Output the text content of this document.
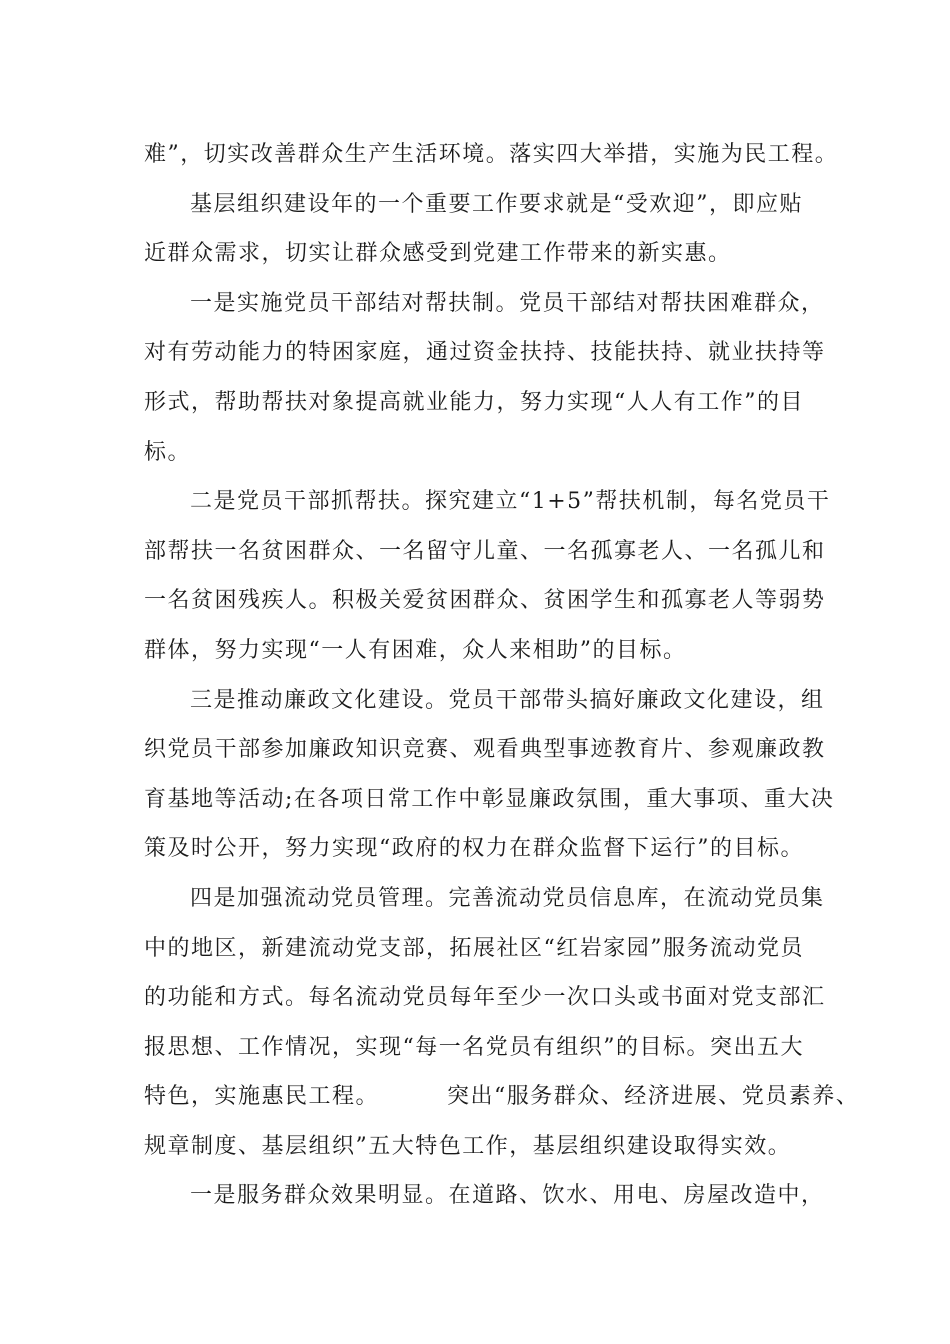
难”，切实改善群众生产生活环境。落实四大举措，实施为民工程。
基层组织建设年的一个重要工作要求就是“受欢迎”，即应贴
近群众需求，切实让群众感受到党建工作带来的新实惠。
一是实施党员干部结对帮扶制。党员干部结对帮扶困难群众，
对有劳动能力的特困家庭，通过资金扶持、技能扶持、就业扶持等
形式，帮助帮扶对象提高就业能力，努力实现“人人有工作”的目
标。
二是党员干部抓帮扶。探究建立“1+5”帮扶机制，每名党员干
部帮扶一名贫困群众、一名留守儿童、一名孤寡老人、一名孤儿和
一名贫困残疾人。积极关爱贫困群众、贫困学生和孤寡老人等弱势
群体，努力实现“一人有困难，众人来相助”的目标。
三是推动廉政文化建设。党员干部带头搞好廉政文化建设，组
织党员干部参加廉政知识竞赛、观看典型事迹教育片、参观廉政教
育基地等活动;在各项日常工作中彰显廉政氛围，重大事项、重大决
策及时公开，努力实现“政府的权力在群众监督下运行”的目标。
四是加强流动党员管理。完善流动党员信息库，在流动党员集
中的地区，新建流动党支部，拓展社区“红岩家园”服务流动党员
的功能和方式。每名流动党员每年至少一次口头或书面对党支部汇
报思想、工作情况，实现“每一名党员有组织”的目标。突出五大
特色，实施惠民工程。        突出“服务群众、经济进展、党员素养、
规章制度、基层组织”五大特色工作，基层组织建设取得实效。
一是服务群众效果明显。在道路、饮水、用电、房屋改造中，
